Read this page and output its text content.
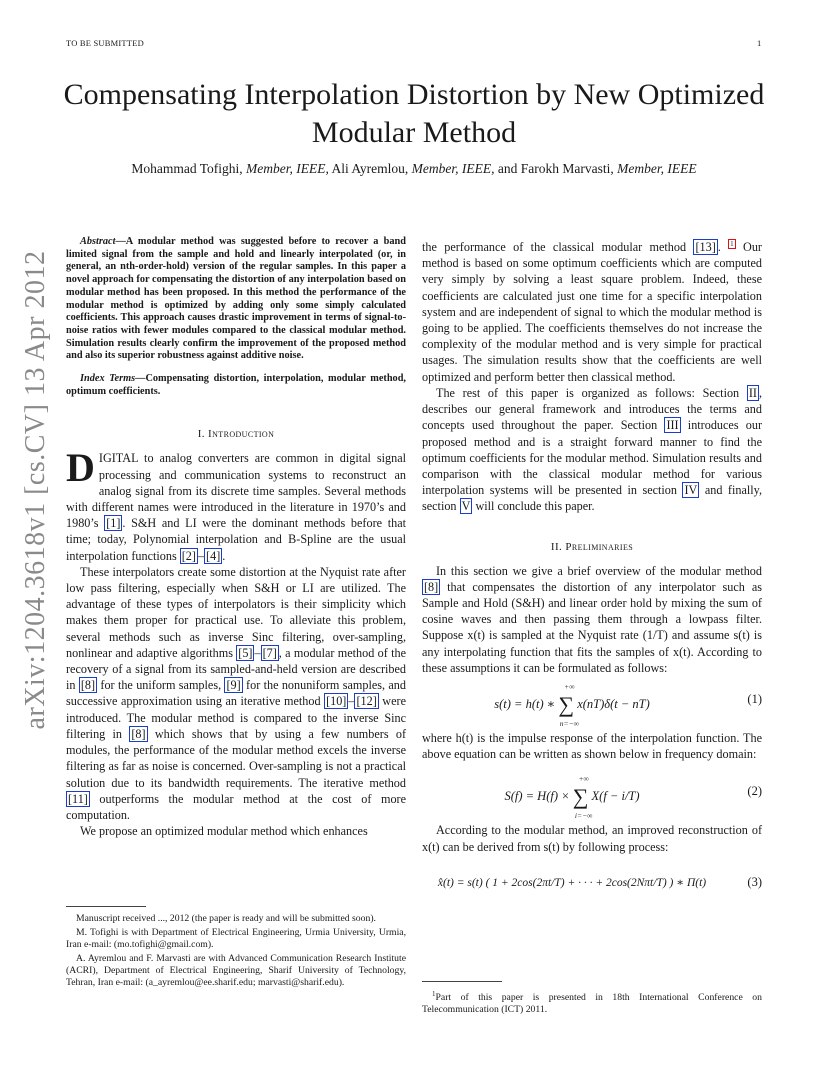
TO BE SUBMITTED	1
Compensating Interpolation Distortion by New Optimized Modular Method
Mohammad Tofighi, Member, IEEE, Ali Ayremlou, Member, IEEE, and Farokh Marvasti, Member, IEEE
arXiv:1204.3618v1 [cs.CV] 13 Apr 2012

Abstract—A modular method was suggested before to recover a band limited signal from the sample and hold and linearly interpolated (or, in general, an nth-order-hold) version of the regular samples. In this paper a novel approach for compensating the distortion of any interpolation based on modular method has been proposed. In this method the performance of the modular method is optimized by adding only some simply calculated coefficients. This approach causes drastic improvement in terms of signal-to-noise ratios with fewer modules compared to the classical modular method. Simulation results clearly confirm the improvement of the proposed method and also its superior robustness against additive noise.

Index Terms—Compensating distortion, interpolation, modular method, optimum coefficients.

I. Introduction

DIGITAL to analog converters are common in digital signal processing and communication systems to reconstruct an analog signal from its discrete time samples. Several methods with different names were introduced in the literature in 1970’s and 1980’s [1] . S&H and LI were the dominant methods before that time; today, Polynomial interpolation and B-Spline are the usual interpolation functions [2] – [4] .

These interpolators create some distortion at the Nyquist rate after low pass filtering, especially when S&H or LI are utilized. The advantage of these types of interpolators is their simplicity which makes them proper for practical use. To alleviate this problem, several methods such as inverse Sinc filtering, over-sampling, nonlinear and adaptive algorithms [5] – [7] , a modular method of the recovery of a signal from its sampled-and-held version are described in [8] for the uniform samples, [9] for the nonuniform samples, and successive approximation using an iterative method [10] – [12] were introduced. The modular method is compared to the inverse Sinc filtering in [8] which shows that by using a few numbers of modules, the performance of the modular method excels the inverse filtering as far as noise is concerned. Over-sampling is not a practical solution due to its bandwidth requirements. The iterative method [11] outperforms the modular method at the cost of more computation.

We propose an optimized modular method which enhances

Manuscript received ..., 2012 (the paper is ready and will be submitted soon).

M. Tofighi is with Department of Electrical Engineering, Urmia University, Urmia, Iran e-mail: (mo.tofighi@gmail.com).

A. Ayremlou and F. Marvasti are with Advanced Communication Research Institute (ACRI), Department of Electrical Engineering, Sharif University of Technology, Tehran, Iran e-mail: (a_ayremlou@ee.sharif.edu; marvasti@sharif.edu).

the performance of the classical modular method [13] . $^1$ Our method is based on some optimum coefficients which are computed very simply by solving a least square problem. Indeed, these coefficients are calculated just one time for a specific interpolation system and are independent of signal to which the modular method is going to be applied. The coefficients themselves do not increase the complexity of the modular method and is very simple for practical usages. The simulation results show that the coefficients are well optimized and perform better then classical method.

The rest of this paper is organized as follows: Section II , describes our general framework and introduces the terms and concepts used throughout the paper. Section III introduces our proposed method and is a straight forward manner to find the optimum coefficients for the modular method. Simulation results and comparison with the classical modular method for various interpolation systems will be presented in section IV and finally, section V will conclude this paper.

II. Preliminaries

In this section we give a brief overview of the modular method [8] that compensates the distortion of any interpolator such as Sample and Hold (S&H) and linear order hold by mixing the sum of cosine waves and then passing them through a lowpass filter. Suppose x(t) is sampled at the Nyquist rate (1/T) and assume s(t) is any interpolating function that fits the samples of x(t). According to these assumptions it can be formulated as follows:

s(t) = h(t) ∗ ∑
+∞
n=−∞
x(nT)δ(t − nT)	(1)

where h(t) is the impulse response of the interpolation function. The above equation can be written as shown below in frequency domain:

S(f) = H(f) × ∑
+∞
i=−∞
X(f − i/T)	(2)

According to the modular method, an improved reconstruction of x(t) can be derived from s(t) by following process:

x̂(t) = s(t) ( 1 + 2cos(2πt/T) + · · · + 2cos(2Nπt/T) ) ∗ Π(t)	(3)

$^1$Part of this paper is presented in 18th International Conference on Telecommunication (ICT) 2011.
